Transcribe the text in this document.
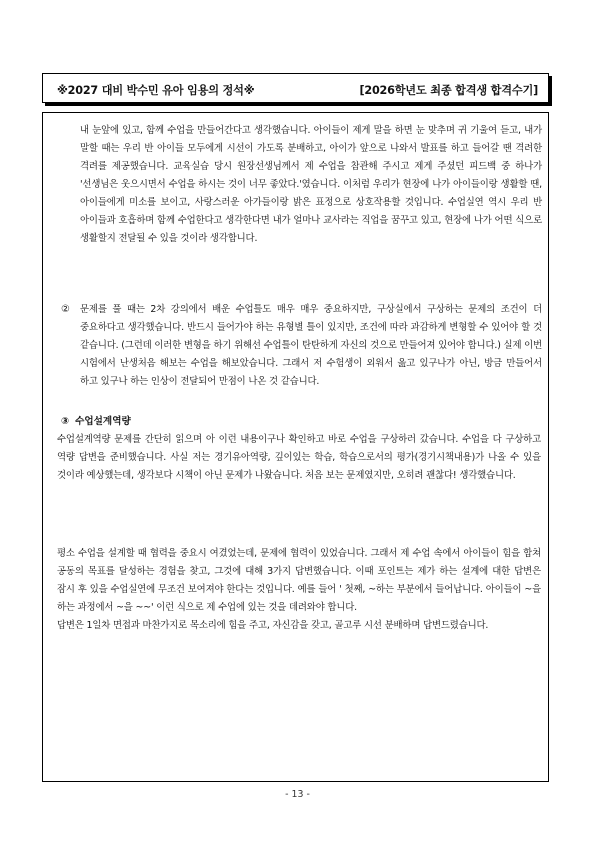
※2027 대비 박수민 유아 임용의 정석※	[2026학년도 최종 합격생 합격수기]

내 눈앞에 있고, 함께 수업을 만들어간다고 생각했습니다. 아이들이 제게 말을 하면 눈 맞추며 귀 기울여 듣고, 내가 말할 때는 우리 반 아이들 모두에게 시선이 가도록 분배하고, 아이가 앞으로 나와서 발표를 하고 들어갈 땐 격려한 격려를 제공했습니다. 교육실습 당시 원장선생님께서 제 수업을 참관해 주시고 제게 주셨던 피드백 중 하나가 '선생님은 웃으시면서 수업을 하시는 것이 너무 좋았다.'였습니다. 이처럼 우리가 현장에 나가 아이들이랑 생활할 땐, 아이들에게 미소를 보이고, 사랑스러운 아가들이랑 밝은 표정으로 상호작용할 것입니다. 수업실연 역시 우리 반 아이들과 호흡하며 함께 수업한다고 생각한다면 내가 얼마나 교사라는 직업을 꿈꾸고 있고, 현장에 나가 어떤 식으로 생활할지 전달될 수 있을 것이라 생각합니다.

② 문제를 풀 때는 2차 강의에서 배운 수업틀도 매우 매우 중요하지만, 구상실에서 구상하는 문제의 조건이 더 중요하다고 생각했습니다. 반드시 들어가야 하는 유형별 틀이 있지만, 조건에 따라 과감하게 변형할 수 있어야 할 것 같습니다. (그런데 이러한 변형을 하기 위해선 수업틀이 탄탄하게 자신의 것으로 만들어져 있어야 합니다.) 실제 이번 시험에서 난생처음 해보는 수업을 해보았습니다. 그래서 저 수험생이 외워서 읊고 있구나가 아닌, 방금 만들어서 하고 있구나 하는 인상이 전달되어 만점이 나온 것 같습니다.

③ 수업설계역량

수업설계역량 문제를 간단히 읽으며 아 이런 내용이구나 확인하고 바로 수업을 구상하러 갔습니다. 수업을 다 구상하고 역량 답변을 준비했습니다. 사실 저는 경기유아역량, 깊이있는 학습, 학습으로서의 평가(경기시책내용)가 나올 수 있을 것이라 예상했는데, 생각보다 시책이 아닌 문제가 나왔습니다. 처음 보는 문제였지만, 오히려 괜찮다! 생각했습니다.

평소 수업을 설계할 때 협력을 중요시 여겼었는데, 문제에 협력이 있었습니다. 그래서 제 수업 속에서 아이들이 힘을 합쳐 공동의 목표를 달성하는 경험을 찾고, 그것에 대해 3가지 답변했습니다. 이때 포인트는 제가 하는 설계에 대한 답변은 잠시 후 있을 수업실연에 무조건 보여져야 한다는 것입니다. 예를 들어 ' 첫째, ~하는 부분에서 들어납니다. 아이들이 ~을 하는 과정에서 ~을 ~~' 이런 식으로 제 수업에 있는 것을 데려와야 합니다.

답변은 1일차 면접과 마찬가지로 목소리에 힘을 주고, 자신감을 갖고, 골고루 시선 분배하며 답변드렸습니다.

- 13 -
